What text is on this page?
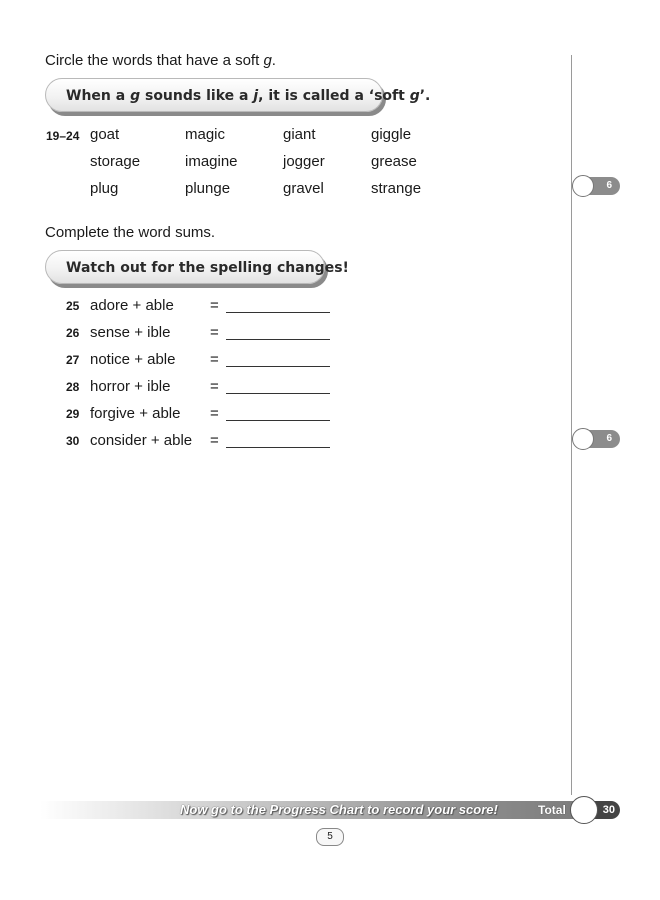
Circle the words that have a soft g.
When a g sounds like a j, it is called a ‘soft g’.
19–24 goat	magic	giant	giggle
storage	imagine	jogger	grease
plug	plunge	gravel	strange
Complete the word sums.
Watch out for the spelling changes!
25 adore + able =
26 sense + ible	=
27 notice + able =
28 horror + ible	=
29 forgive + able =
30 consider + able =
6
6
Now go to the Progress Chart to record your score!	Total	30
5
